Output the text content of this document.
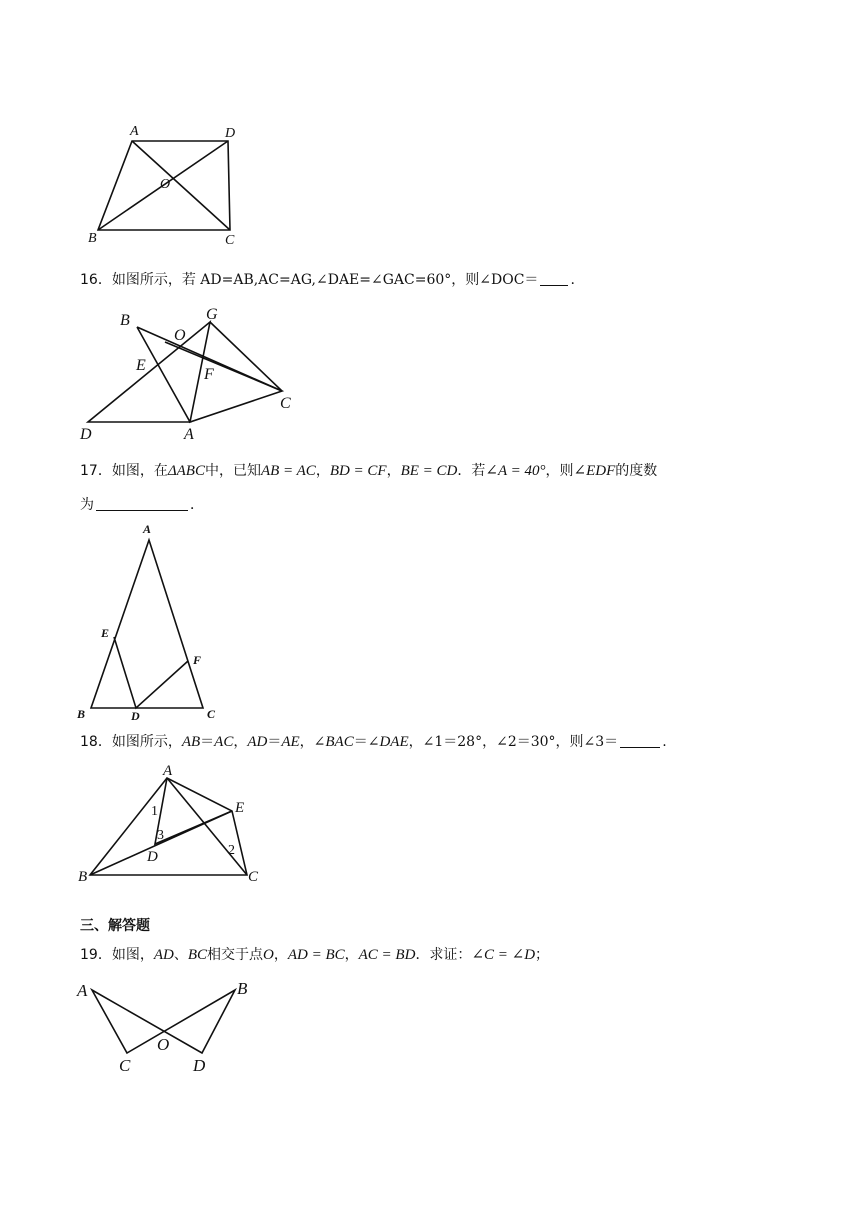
A	D
O
B	C
16．如图所示，若 AD=AB,AC=AG,∠DAE=∠GAC=60°，则∠DOC＝ .
B
O
G
E
F
C
D	A
17．如图，在ΔABC中，已知AB = AC，BD = CF，BE = CD．若∠A = 40°，则∠EDF的度数
为	．
A
E
F
B	D	C
18．如图所示，AB＝AC，AD＝AE，∠BAC＝∠DAE，∠1＝28°，∠2＝30°，则∠3＝	.
A
E
1
3
D	2
B	C
三、解答题
19．如图，AD、BC相交于点O，AD = BC，AC = BD．求证：∠C = ∠D；
A	B
O
C	D
